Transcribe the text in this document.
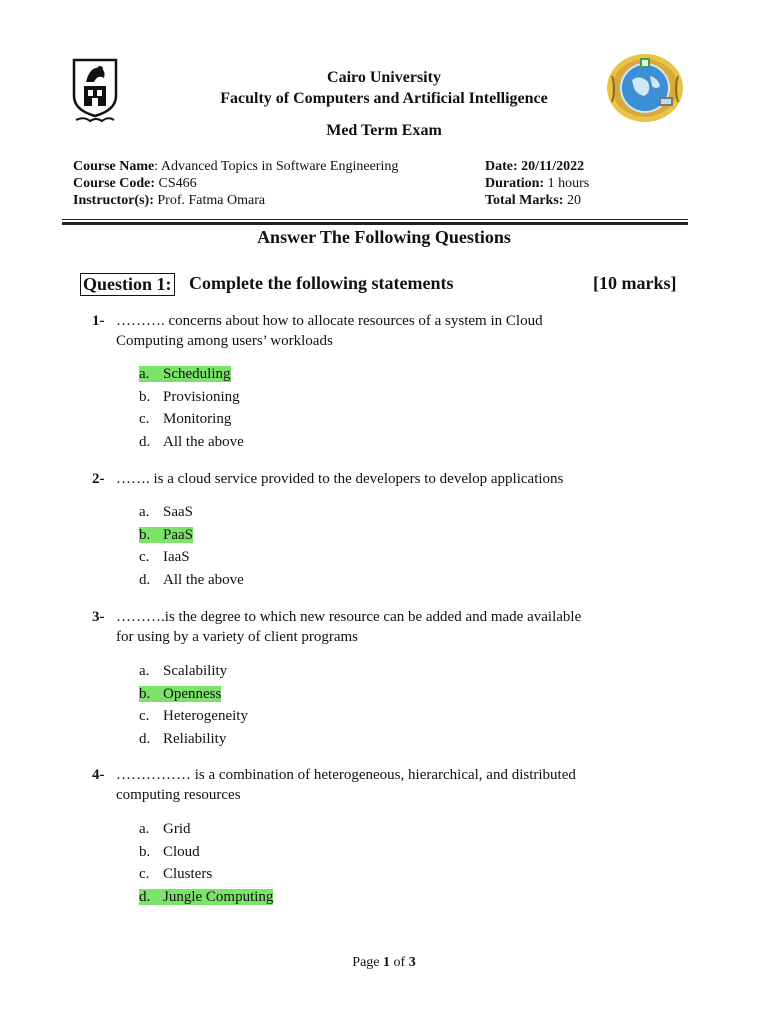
Cairo University
Faculty of Computers and Artificial Intelligence
Med Term Exam
Course Name: Advanced Topics in Software Engineering
Course Code: CS466
Instructor(s): Prof. Fatma Omara
Date: 20/11/2022
Duration: 1 hours
Total Marks: 20
Answer The Following Questions
Question 1: Complete the following statements	[10 marks]
1- ………. concerns about how to allocate resources of a system in Cloud
Computing among users’ workloads
a. Scheduling
b. Provisioning
c. Monitoring
d. All the above
2- ……. is a cloud service provided to the developers to develop applications
a. SaaS
b. PaaS
c. IaaS
d. All the above
3- ……….is the degree to which new resource can be added and made available
for using by a variety of client programs
a. Scalability
b. Openness
c. Heterogeneity
d. Reliability
4- …………… is a combination of heterogeneous, hierarchical, and distributed
computing resources
a. Grid
b. Cloud
c. Clusters
d. Jungle Computing
Page 1 of 3
